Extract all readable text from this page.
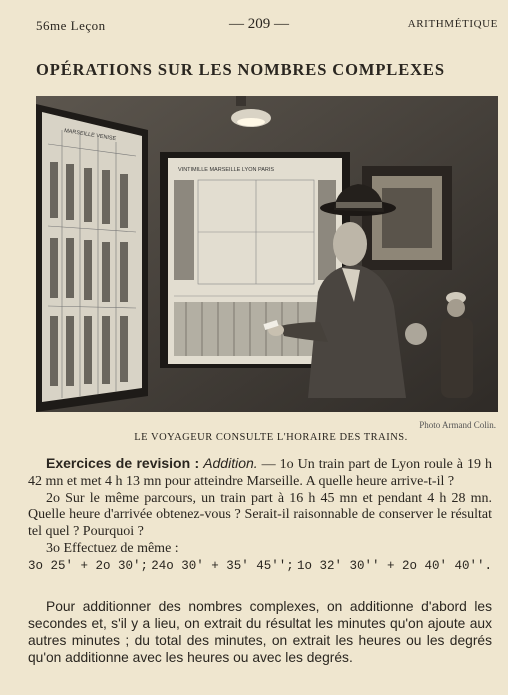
56me Leçon	— 209 —	ARITHMÉTIQUE
OPÉRATIONS SUR LES NOMBRES COMPLEXES
MARSEILLE VENISE
VINTIMILLE MARSEILLE LYON PARIS
Photo Armand Colin.
LE VOYAGEUR CONSULTE L'HORAIRE DES TRAINS.

Exercices de revision : Addition. — 1o Un train part de Lyon roule à 19 h 42 mn et met 4 h 13 mn pour atteindre Marseille. A quelle heure arrive-t-il ?

2o Sur le même parcours, un train part à 16 h 45 mn et pendant 4 h 28 mn. Quelle heure d'arrivée obtenez-vous ? Serait-il raisonnable de conserver le résultat tel quel ? Pourquoi ?

3o Effectuez de même :

3o 25' + 2o 30'; 24o 30' + 35' 45''; 1o 32' 30'' + 2o 40' 40''.
Pour additionner des nombres complexes, on additionne d'abord les secondes et, s'il y a lieu, on extrait du résultat les minutes qu'on ajoute aux autres minutes ; du total des minutes, on extrait les heures ou les degrés qu'on additionne avec les heures ou avec les degrés.
